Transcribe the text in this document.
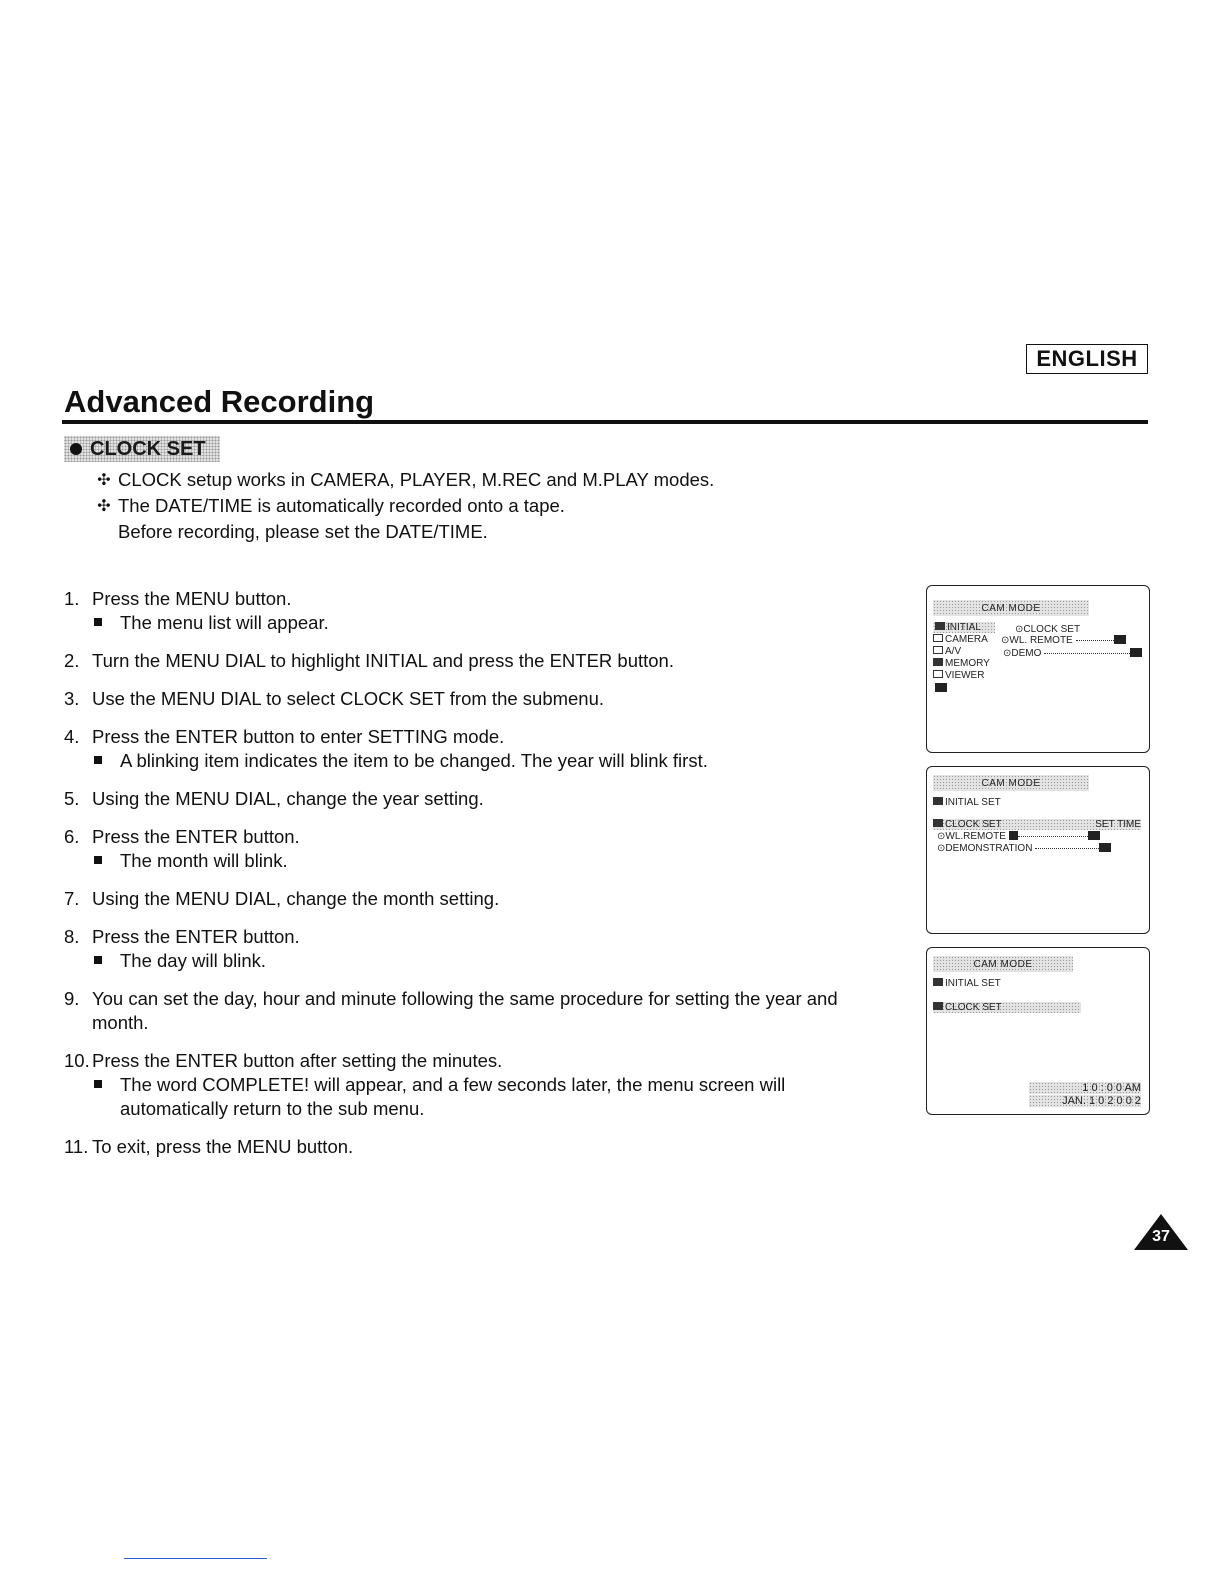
ENGLISH
Advanced Recording
CLOCK SET
✣ CLOCK setup works in CAMERA, PLAYER, M.REC and M.PLAY modes.
✣ The DATE/TIME is automatically recorded onto a tape.
Before recording, please set the DATE/TIME.
1. Press the MENU button.
The menu list will appear.
2. Turn the MENU DIAL to highlight INITIAL and press the ENTER button.
3. Use the MENU DIAL to select CLOCK SET from the submenu.
4. Press the ENTER button to enter SETTING mode.
A blinking item indicates the item to be changed. The year will blink first.
5. Using the MENU DIAL, change the year setting.
6. Press the ENTER button.
The month will blink.
7. Using the MENU DIAL, change the month setting.
8. Press the ENTER button.
The day will blink.
9. You can set the day, hour and minute following the same procedure for setting the year and month.
10. Press the ENTER button after setting the minutes.
The word COMPLETE! will appear, and a few seconds later, the menu screen will automatically return to the sub menu.
11. To exit, press the MENU button.
CAM MODE
INITIAL
CAMERA
A/V
MEMORY
VIEWER
⊙CLOCK SET
⊙WL. REMOTE
⊙DEMO
CAM MODE
INITIAL SET
CLOCK SET	SET TIME
⊙WL.REMOTE
⊙DEMONSTRATION
CAM MODE
INITIAL SET
CLOCK SET
1 0 : 0 0 AM
JAN. 1 0 2 0 0 2
37
